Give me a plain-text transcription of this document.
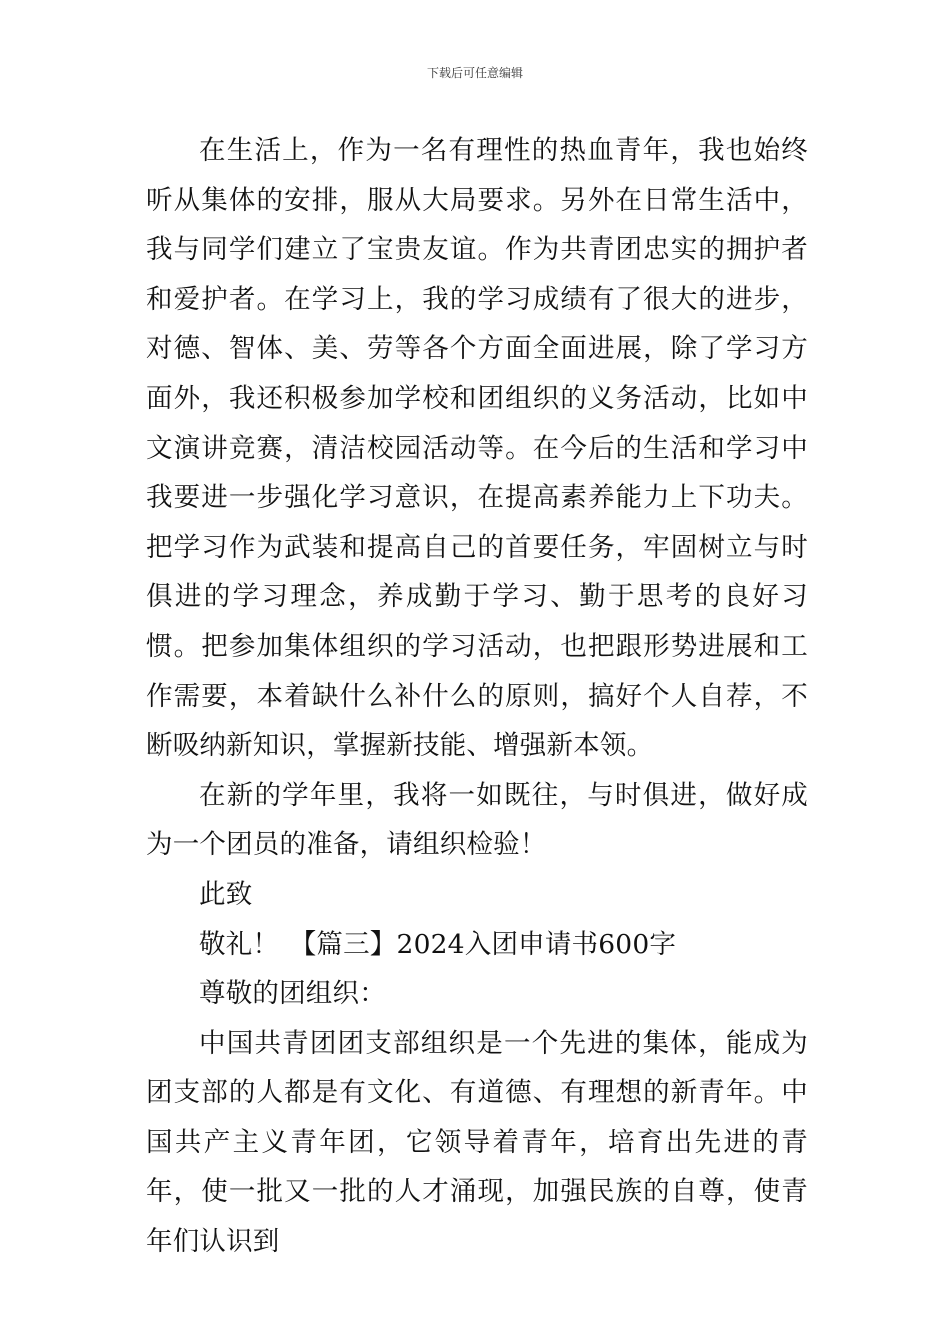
下载后可任意编辑

在生活上，作为一名有理性的热血青年，我也始终听从集体的安排，服从大局要求。另外在日常生活中，我与同学们建立了宝贵友谊。作为共青团忠实的拥护者和爱护者。在学习上，我的学习成绩有了很大的进步，对德、智体、美、劳等各个方面全面进展，除了学习方面外，我还积极参加学校和团组织的义务活动，比如中文演讲竞赛，清洁校园活动等。在今后的生活和学习中我要进一步强化学习意识，在提高素养能力上下功夫。把学习作为武装和提高自己的首要任务，牢固树立与时俱进的学习理念，养成勤于学习、勤于思考的良好习惯。把参加集体组织的学习活动，也把跟形势进展和工作需要，本着缺什么补什么的原则，搞好个人自荐，不断吸纳新知识，掌握新技能、增强新本领。

在新的学年里，我将一如既往，与时俱进，做好成为一个团员的准备，请组织检验！

此致

敬礼！ 【篇三】2024入团申请书600字

尊敬的团组织：

中国共青团团支部组织是一个先进的集体，能成为团支部的人都是有文化、有道德、有理想的新青年。中国共产主义青年团，它领导着青年，培育出先进的青年，使一批又一批的人才涌现，加强民族的自尊，使青年们认识到
